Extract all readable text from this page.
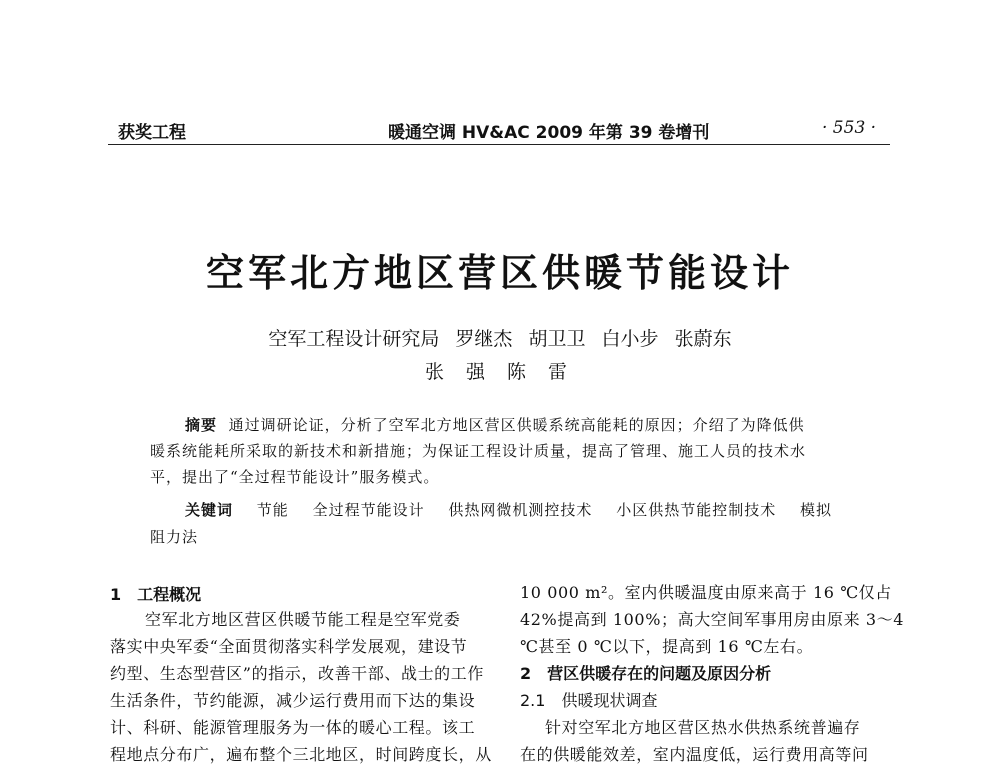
获奖工程	暖通空调 HV&AC 2009 年第 39 卷增刊	· 553 ·
空军北方地区营区供暖节能设计
空军工程设计研究局 罗继杰 胡卫卫 白小步 张蔚东
张 强 陈 雷
摘要 通过调研论证，分析了空军北方地区营区供暖系统高能耗的原因；介绍了为降低供
暖系统能耗所采取的新技术和新措施；为保证工程设计质量，提高了管理、施工人员的技术水
平，提出了“全过程节能设计”服务模式。
关键词 节能 全过程节能设计 供热网微机测控技术 小区供热节能控制技术 模拟
阻力法
1　工程概况
空军北方地区营区供暖节能工程是空军党委
落实中央军委“全面贯彻落实科学发展观，建设节
约型、生态型营区”的指示，改善干部、战士的工作
生活条件，节约能源，减少运行费用而下达的集设
计、科研、能源管理服务为一体的暖心工程。该工
程地点分布广，遍布整个三北地区，时间跨度长，从
10 000 m²。室内供暖温度由原来高于 16 ℃仅占
42%提高到 100%；高大空间军事用房由原来 3～4
℃甚至 0 ℃以下，提高到 16 ℃左右。
2　营区供暖存在的问题及原因分析
2.1　供暖现状调查
针对空军北方地区营区热水供热系统普遍存
在的供暖能效差，室内温度低，运行费用高等问
